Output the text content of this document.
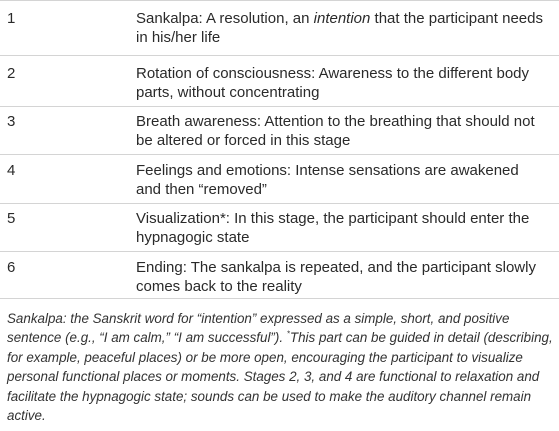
1	Sankalpa: A resolution, an intention that the participant needs in his/her life
2	Rotation of consciousness: Awareness to the different body parts, without concentrating
3	Breath awareness: Attention to the breathing that should not be altered or forced in this stage
4	Feelings and emotions: Intense sensations are awakened and then “removed”
5	Visualization*: In this stage, the participant should enter the hypnagogic state
6	Ending: The sankalpa is repeated, and the participant slowly comes back to the reality
Sankalpa: the Sanskrit word for “intention” expressed as a simple, short, and positive sentence (e.g., “I am calm,” “I am successful”). *This part can be guided in detail (describing, for example, peaceful places) or be more open, encouraging the participant to visualize personal functional places or moments. Stages 2, 3, and 4 are functional to relaxation and facilitate the hypnagogic state; sounds can be used to make the auditory channel remain active.
